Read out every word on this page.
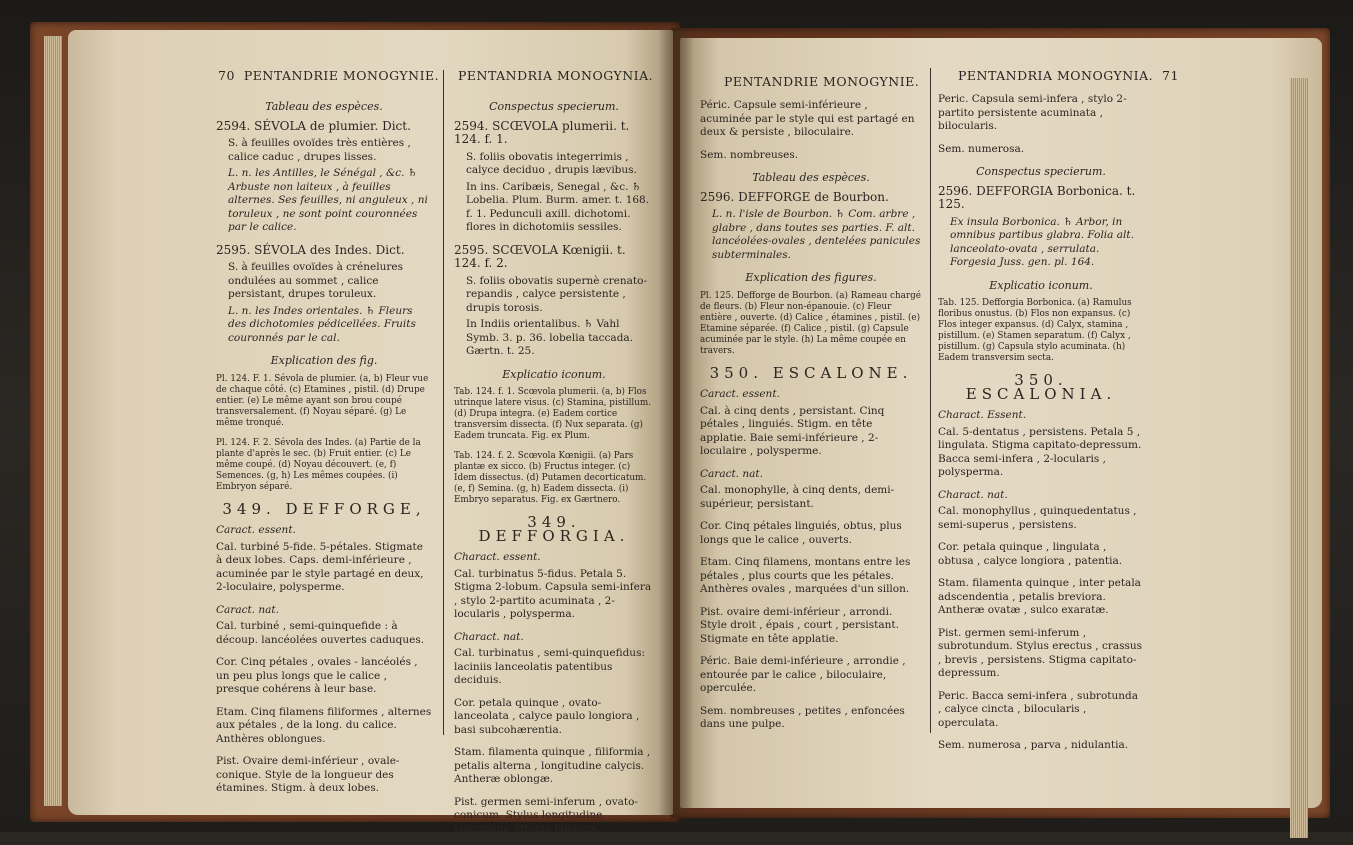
70 PENTANDRIE MONOGYNIE. PENTANDRIA MONOGYNIA.
Tableau des espèces.
2594. SÉVOLA de plumier. Dict.
S. à feuilles ovoïdes très entières , calice caduc , drupes lisses.
L. n. les Antilles, le Sénégal , &c. ♄ Arbuste non laiteux , à feuilles alternes. Ses feuilles, ni anguleux , ni toruleux , ne sont point couronnées par le calice.
2595. SÉVOLA des Indes. Dict.
S. à feuilles ovoïdes à crénelures ondulées au sommet , calice persistant, drupes toruleux.
L. n. les Indes orientales. ♄ Fleurs des dichotomies pédicellées. Fruits couronnés par le cal.
Explication des fig.
Pl. 124. F. 1. Sévola de plumier. (a, b) Fleur vue de chaque côté. (c) Etamines , pistil. (d) Drupe entier. (e) Le même ayant son brou coupé transversalement. (f) Noyau séparé. (g) Le même tronqué.
Pl. 124. F. 2. Sévola des Indes. (a) Partie de la plante d'après le sec. (b) Fruit entier. (c) Le même coupé. (d) Noyau découvert. (e, f) Semences. (g, h) Les mêmes coupées. (i) Embryon séparé.
349. DEFFORGE,
Caract. essent.
Cal. turbiné 5-fide. 5-pétales. Stigmate à deux lobes. Caps. demi-inférieure , acuminée par le style partagé en deux, 2-loculaire, polysperme.
Caract. nat.
Cal. turbiné , semi-quinquefide : à découp. lancéolées ouvertes caduques.
Cor. Cinq pétales , ovales - lancéolés , un peu plus longs que le calice , presque cohérens à leur base.
Etam. Cinq filamens filiformes , alternes aux pétales , de la long. du calice. Anthères oblongues.
Pist. Ovaire demi-inférieur , ovale-conique. Style de la longueur des étamines. Stigm. à deux lobes.
Conspectus specierum.
2594. SCŒVOLA plumerii. t. 124. f. 1.
S. foliis obovatis integerrimis , calyce deciduo , drupis lævibus.
In ins. Caribæis, Senegal , &c. ♄ Lobelia. Plum. Burm. amer. t. 168. f. 1. Pedunculi axill. dichotomi. flores in dichotomiis sessiles.
2595. SCŒVOLA Kœnigii. t. 124. f. 2.
S. foliis obovatis supernè crenato-repandis , calyce persistente , drupis torosis.
In Indiis orientalibus. ♄ Vahl Symb. 3. p. 36. lobelia taccada. Gærtn. t. 25.
Explicatio iconum.
Tab. 124. f. 1. Scœvola plumerii. (a, b) Flos utrinque latere visus. (c) Stamina, pistillum. (d) Drupa integra. (e) Eadem cortice transversim dissecta. (f) Nux separata. (g) Eadem truncata. Fig. ex Plum.
Tab. 124. f. 2. Scœvola Kœnigii. (a) Pars plantæ ex sicco. (b) Fructus integer. (c) Idem dissectus. (d) Putamen decorticatum. (e, f) Semina. (g, h) Eadem dissecta. (i) Embryo separatus. Fig. ex Gærtnero.
349. DEFFORGIA.
Charact. essent.
Cal. turbinatus 5-fidus. Petala 5. Stigma 2-lobum. Capsula semi-infera , stylo 2-partito acuminata , 2-locularis , polysperma.
Charact. nat.
Cal. turbinatus , semi-quinquefidus: laciniis lanceolatis patentibus deciduis.
Cor. petala quinque , ovato-lanceolata , calyce paulo longiora , basi subcohærentia.
Stam. filamenta quinque , filiformia , petalis alterna , longitudine calycis. Antheræ oblongæ.
Pist. germen semi-inferum , ovato-conicum. Stylus longitudine staminum. Stigma bilobum.
PENTANDRIE MONOGYNIE.	PENTANDRIA MONOGYNIA. 71
Péric. Capsule semi-inférieure , acuminée par le style qui est partagé en deux & persiste , biloculaire.
Sem. nombreuses.
Tableau des espèces.
2596. DEFFORGE de Bourbon.
L. n. l'isle de Bourbon. ♄ Com. arbre , glabre , dans toutes ses parties. F. alt. lancéolées-ovales , dentelées panicules subterminales.
Explication des figures.
Pl. 125. Defforge de Bourbon. (a) Rameau chargé de fleurs. (b) Fleur non-épanouie. (c) Fleur entière , ouverte. (d) Calice , étamines , pistil. (e) Etamine séparée. (f) Calice , pistil. (g) Capsule acuminée par le style. (h) La même coupée en travers.
350. ESCALONE.
Caract. essent.
Cal. à cinq dents , persistant. Cinq pétales , linguiés. Stigm. en tête applatie. Baie semi-inférieure , 2-loculaire , polysperme.
Caract. nat.
Cal. monophylle, à cinq dents, demi-supérieur, persistant.
Cor. Cinq pétales linguiés, obtus, plus longs que le calice , ouverts.
Etam. Cinq filamens, montans entre les pétales , plus courts que les pétales. Anthères ovales , marquées d'un sillon.
Pist. ovaire demi-inférieur , arrondi. Style droit , épais , court , persistant. Stigmate en tête applatie.
Péric. Baie demi-inférieure , arrondie , entourée par le calice , biloculaire, operculée.
Sem. nombreuses , petites , enfoncées dans une pulpe.
Peric. Capsula semi-infera , stylo 2-partito persistente acuminata , bilocularis.
Sem. numerosa.
Conspectus specierum.
2596. DEFFORGIA Borbonica. t. 125.
Ex insula Borbonica. ♄ Arbor, in omnibus partibus glabra. Folia alt. lanceolato-ovata , serrulata. Forgesia Juss. gen. pl. 164.
Explicatio iconum.
Tab. 125. Defforgia Borbonica. (a) Ramulus floribus onustus. (b) Flos non expansus. (c) Flos integer expansus. (d) Calyx, stamina , pistillum. (e) Stamen separatum. (f) Calyx , pistillum. (g) Capsula stylo acuminata. (h) Eadem transversim secta.
350. ESCALONIA.
Charact. Essent.
Cal. 5-dentatus , persistens. Petala 5 , lingulata. Stigma capitato-depressum. Bacca semi-infera , 2-locularis , polysperma.
Charact. nat.
Cal. monophyllus , quinquedentatus , semi-superus , persistens.
Cor. petala quinque , lingulata , obtusa , calyce longiora , patentia.
Stam. filamenta quinque , inter petala adscendentia , petalis breviora. Antheræ ovatæ , sulco exaratæ.
Pist. germen semi-inferum , subrotundum. Stylus erectus , crassus , brevis , persistens. Stigma capitato-depressum.
Peric. Bacca semi-infera , subrotunda , calyce cincta , bilocularis , operculata.
Sem. numerosa , parva , nidulantia.
